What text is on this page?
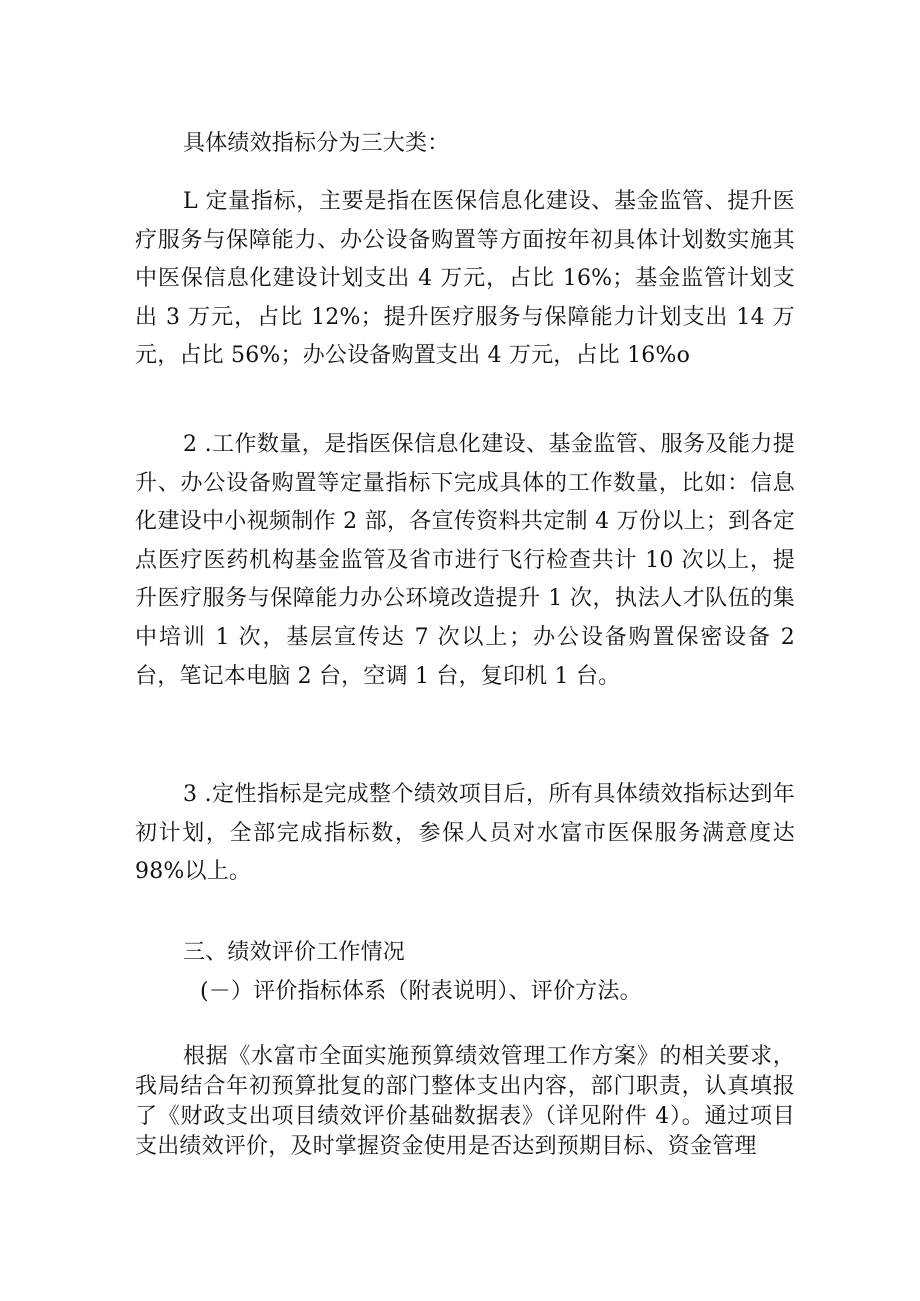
具体绩效指标分为三大类：

L 定量指标，主要是指在医保信息化建设、基金监管、提升医疗服务与保障能力、办公设备购置等方面按年初具体计划数实施其中医保信息化建设计划支出 4 万元，占比 16%；基金监管计划支出 3 万元，占比 12%；提升医疗服务与保障能力计划支出 14 万元，占比 56%；办公设备购置支出 4 万元，占比 16%o

2 .工作数量，是指医保信息化建设、基金监管、服务及能力提升、办公设备购置等定量指标下完成具体的工作数量，比如：信息化建设中小视频制作 2 部，各宣传资料共定制 4 万份以上；到各定点医疗医药机构基金监管及省市进行飞行检查共计 10 次以上，提升医疗服务与保障能力办公环境改造提升 1 次，执法人才队伍的集中培训 1 次，基层宣传达 7 次以上；办公设备购置保密设备 2 台，笔记本电脑 2 台，空调 1 台，复印机 1 台。

3 .定性指标是完成整个绩效项目后，所有具体绩效指标达到年初计划，全部完成指标数，参保人员对水富市医保服务满意度达98%以上。

三、绩效评价工作情况
(－）评价指标体系（附表说明）、评价方法。

根据《水富市全面实施预算绩效管理工作方案》的相关要求，我局结合年初预算批复的部门整体支出内容，部门职责，认真填报了《财政支出项目绩效评价基础数据表》（详见附件 4）。通过项目支出绩效评价，及时掌握资金使用是否达到预期目标、资金管理
